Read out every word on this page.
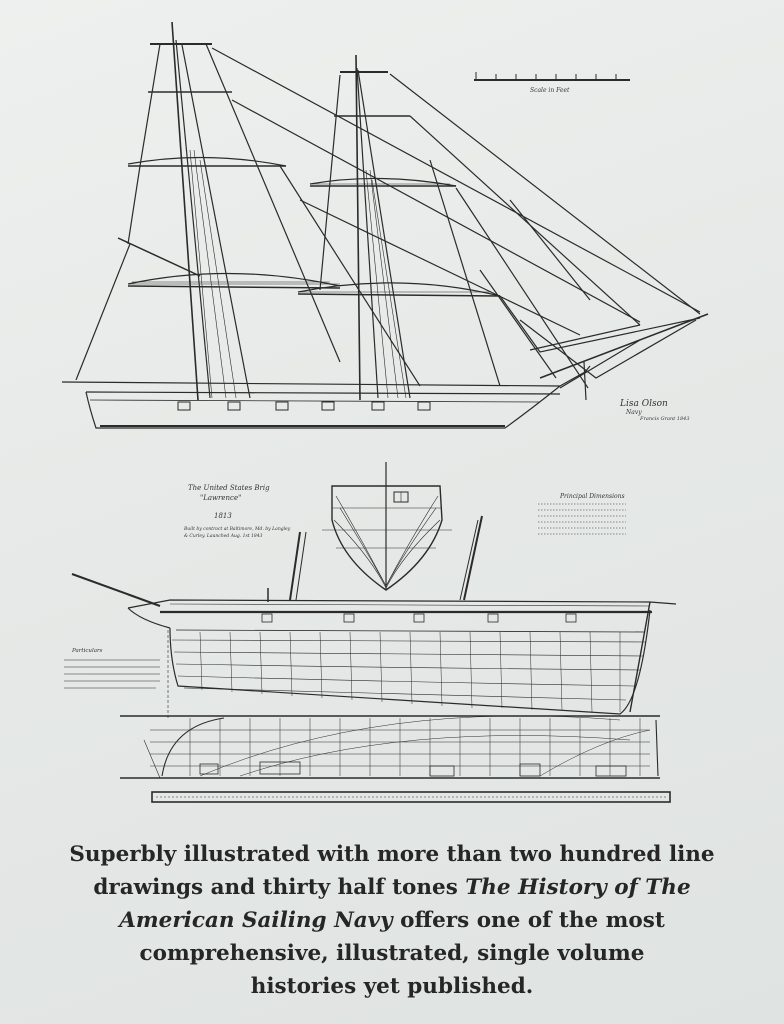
Scale in Feet
Lisa Olson
Navy
Francis Grant 1843
The United States Brig
"Lawrence"
1813
Built by contract at Baltimore, Md. by Langley
& Curley. Launched Aug. 1st 1843
Principal Dimensions
Particulars
Superbly illustrated with more than two hundred line
drawings and thirty half tones The History of The
American Sailing Navy offers one of the most
comprehensive, illustrated, single volume
histories yet published.
